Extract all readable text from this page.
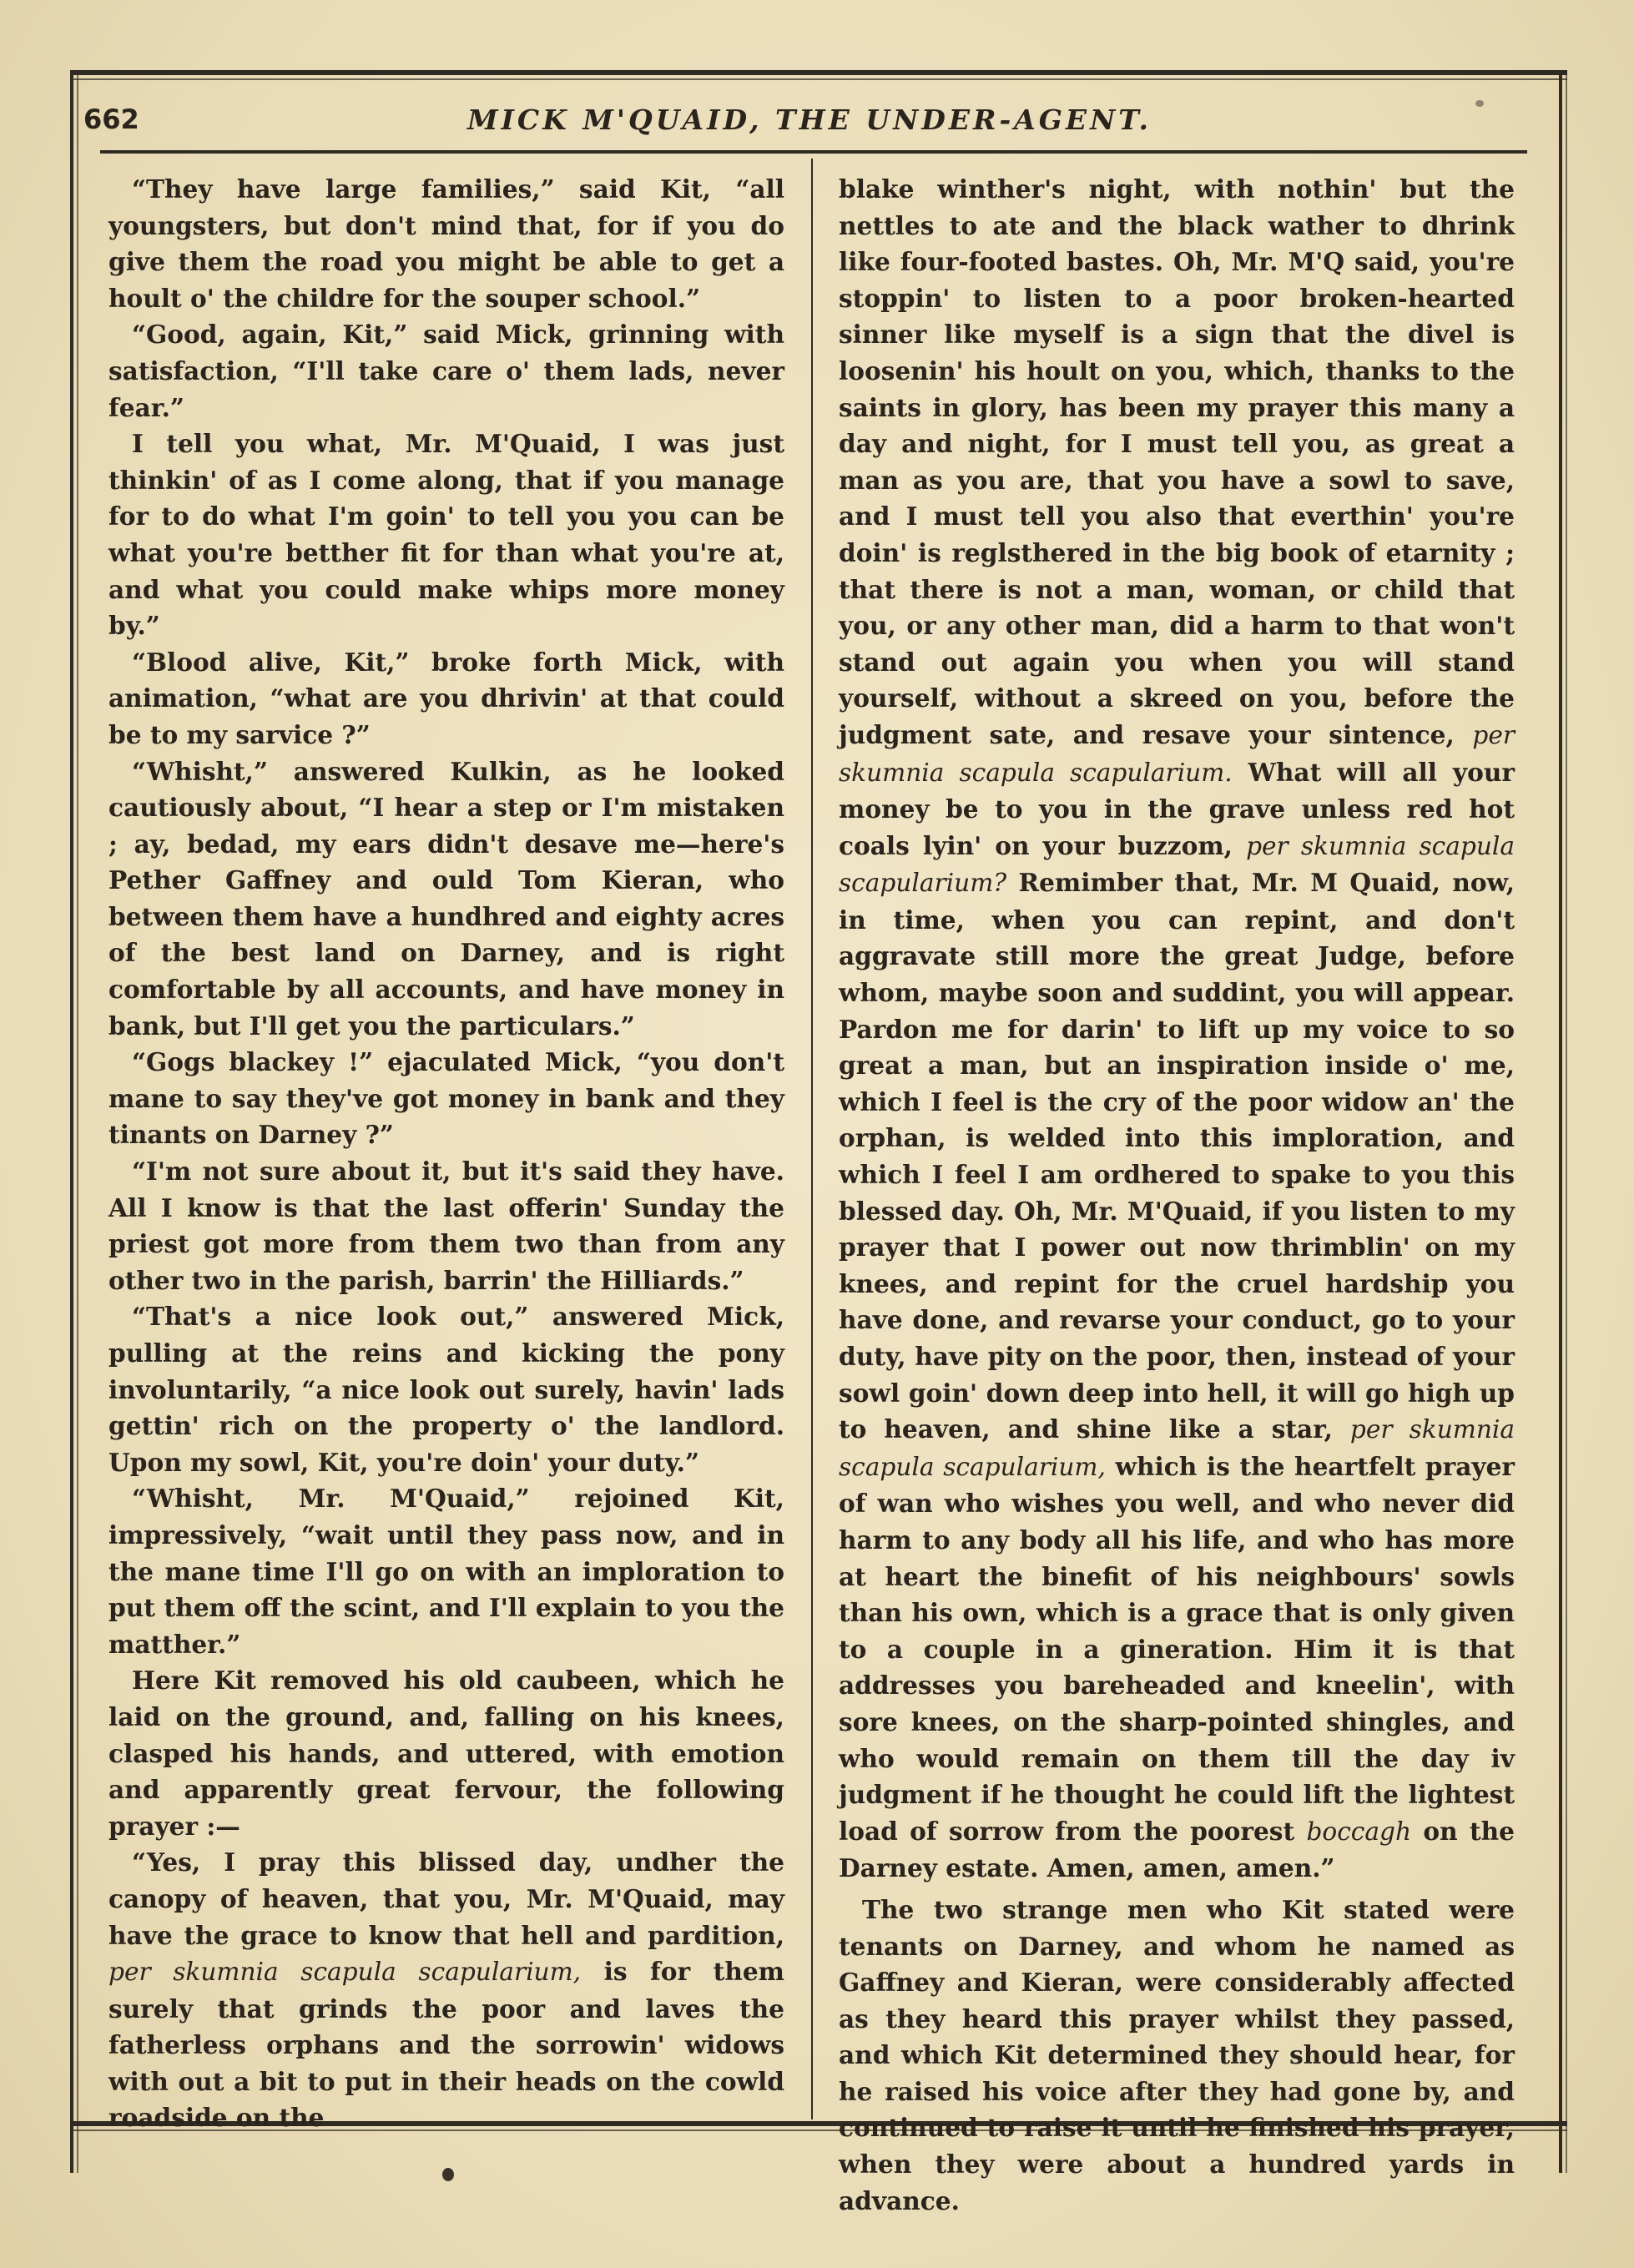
662	MICK M'QUAID, THE UNDER-AGENT.

“They have large families,” said Kit, “all youngsters, but don't mind that, for if you do give them the road you might be able to get a hoult o' the childre for the souper school.”

“Good, again, Kit,” said Mick, grinning with satisfaction, “I'll take care o' them lads, never fear.”

I tell you what, Mr. M'Quaid, I was just thinkin' of as I come along, that if you manage for to do what I'm goin' to tell you you can be what you're betther fit for than what you're at, and what you could make whips more money by.”

“Blood alive, Kit,” broke forth Mick, with animation, “what are you dhrivin' at that could be to my sarvice ?”

“Whisht,” answered Kulkin, as he looked cautiously about, “I hear a step or I'm mistaken ; ay, bedad, my ears didn't desave me—here's Pether Gaffney and ould Tom Kieran, who between them have a hundhred and eighty acres of the best land on Darney, and is right comfortable by all accounts, and have money in bank, but I'll get you the particulars.”

“Gogs blackey !” ejaculated Mick, “you don't mane to say they've got money in bank and they tinants on Darney ?”

“I'm not sure about it, but it's said they have. All I know is that the last offerin' Sunday the priest got more from them two than from any other two in the parish, barrin' the Hilliards.”

“That's a nice look out,” answered Mick, pulling at the reins and kicking the pony involuntarily, “a nice look out surely, havin' lads gettin' rich on the property o' the landlord. Upon my sowl, Kit, you're doin' your duty.”

“Whisht, Mr. M'Quaid,” rejoined Kit, impressively, “wait until they pass now, and in the mane time I'll go on with an imploration to put them off the scint, and I'll explain to you the matther.”

Here Kit removed his old caubeen, which he laid on the ground, and, falling on his knees, clasped his hands, and uttered, with emotion and apparently great fervour, the following prayer :—

“Yes, I pray this blissed day, undher the canopy of heaven, that you, Mr. M'Quaid, may have the grace to know that hell and pardition, per skumnia scapula scapularium, is for them surely that grinds the poor and laves the fatherless orphans and the sorrowin' widows with out a bit to put in their heads on the cowld roadside on the

blake winther's night, with nothin' but the nettles to ate and the black wather to dhrink like four-footed bastes. Oh, Mr. M'Q said, you're stoppin' to listen to a poor broken-hearted sinner like myself is a sign that the divel is loosenin' his hoult on you, which, thanks to the saints in glory, has been my prayer this many a day and night, for I must tell you, as great a man as you are, that you have a sowl to save, and I must tell you also that everthin' you're doin' is reglsthered in the big book of etarnity ; that there is not a man, woman, or child that you, or any other man, did a harm to that won't stand out again you when you will stand yourself, without a skreed on you, before the judgment sate, and resave your sintence, per skumnia scapula scapularium. What will all your money be to you in the grave unless red hot coals lyin' on your buzzom, per skumnia scapula scapularium? Remimber that, Mr. M Quaid, now, in time, when you can repint, and don't aggravate still more the great Judge, before whom, maybe soon and suddint, you will appear. Pardon me for darin' to lift up my voice to so great a man, but an inspiration inside o' me, which I feel is the cry of the poor widow an' the orphan, is welded into this imploration, and which I feel I am ordhered to spake to you this blessed day. Oh, Mr. M'Quaid, if you listen to my prayer that I power out now thrimblin' on my knees, and repint for the cruel hardship you have done, and revarse your conduct, go to your duty, have pity on the poor, then, instead of your sowl goin' down deep into hell, it will go high up to heaven, and shine like a star, per skumnia scapula scapularium, which is the heartfelt prayer of wan who wishes you well, and who never did harm to any body all his life, and who has more at heart the binefit of his neighbours' sowls than his own, which is a grace that is only given to a couple in a gineration. Him it is that addresses you bareheaded and kneelin', with sore knees, on the sharp-pointed shingles, and who would remain on them till the day iv judgment if he thought he could lift the lightest load of sorrow from the poorest boccagh on the Darney estate. Amen, amen, amen.”

The two strange men who Kit stated were tenants on Darney, and whom he named as Gaffney and Kieran, were considerably affected as they heard this prayer whilst they passed, and which Kit determined they should hear, for he raised his voice after they had gone by, and continued to raise it until he finished his prayer, when they were about a hundred yards in advance.
